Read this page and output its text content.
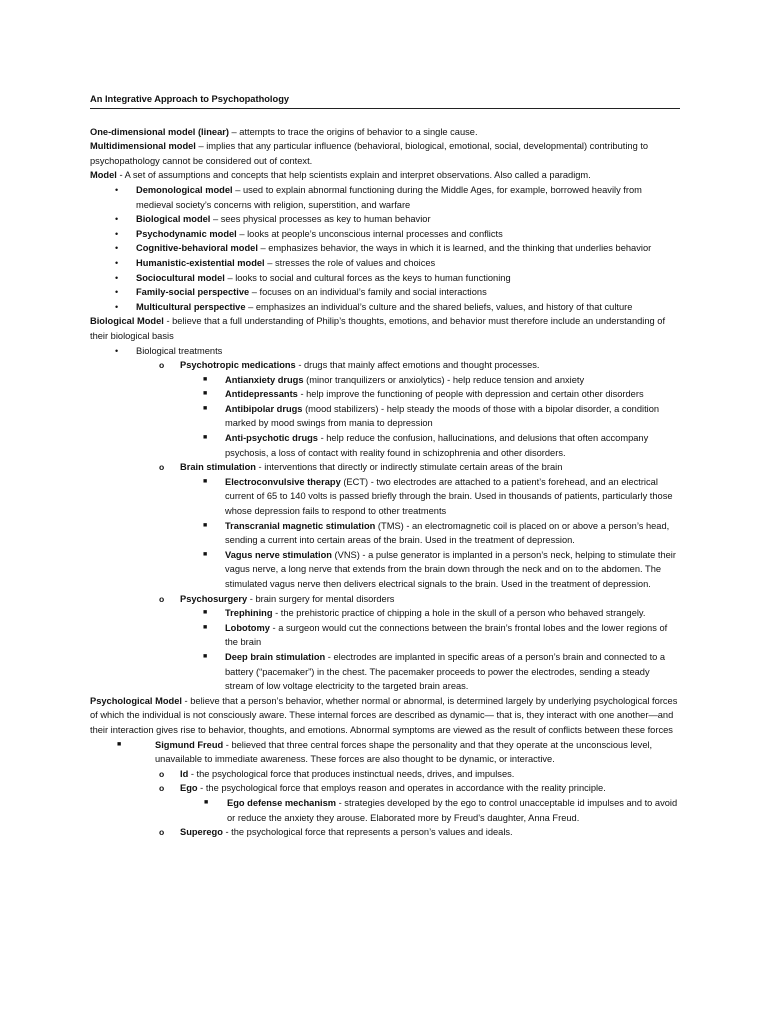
An Integrative Approach to Psychopathology
One-dimensional model (linear) – attempts to trace the origins of behavior to a single cause.
Multidimensional model – implies that any particular influence (behavioral, biological, emotional, social, developmental) contributing to psychopathology cannot be considered out of context.
Model - A set of assumptions and concepts that help scientists explain and interpret observations. Also called a paradigm.
• Demonological model – used to explain abnormal functioning during the Middle Ages, for example, borrowed heavily from medieval society’s concerns with religion, superstition, and warfare
• Biological model – sees physical processes as key to human behavior
• Psychodynamic model – looks at people’s unconscious internal processes and conflicts
• Cognitive-behavioral model – emphasizes behavior, the ways in which it is learned, and the thinking that underlies behavior
• Humanistic-existential model – stresses the role of values and choices
• Sociocultural model – looks to social and cultural forces as the keys to human functioning
• Family-social perspective – focuses on an individual’s family and social interactions
• Multicultural perspective – emphasizes an individual’s culture and the shared beliefs, values, and history of that culture
Biological Model - believe that a full understanding of Philip’s thoughts, emotions, and behavior must therefore include an understanding of their biological basis
• Biological treatments
o Psychotropic medications - drugs that mainly affect emotions and thought processes.
■ Antianxiety drugs (minor tranquilizers or anxiolytics) - help reduce tension and anxiety
■ Antidepressants - help improve the functioning of people with depression and certain other disorders
■ Antibipolar drugs (mood stabilizers) - help steady the moods of those with a bipolar disorder, a condition marked by mood swings from mania to depression
■ Anti-psychotic drugs - help reduce the confusion, hallucinations, and delusions that often accompany psychosis, a loss of contact with reality found in schizophrenia and other disorders.
o Brain stimulation - interventions that directly or indirectly stimulate certain areas of the brain
■ Electroconvulsive therapy (ECT) - two electrodes are attached to a patient’s forehead, and an electrical current of 65 to 140 volts is passed briefly through the brain. Used in thousands of patients, particularly those whose depression fails to respond to other treatments
■ Transcranial magnetic stimulation (TMS) - an electromagnetic coil is placed on or above a person’s head, sending a current into certain areas of the brain. Used in the treatment of depression.
■ Vagus nerve stimulation (VNS) - a pulse generator is implanted in a person’s neck, helping to stimulate their vagus nerve, a long nerve that extends from the brain down through the neck and on to the abdomen. The stimulated vagus nerve then delivers electrical signals to the brain. Used in the treatment of depression.
o Psychosurgery - brain surgery for mental disorders
■ Trephining - the prehistoric practice of chipping a hole in the skull of a person who behaved strangely.
■ Lobotomy - a surgeon would cut the connections between the brain’s frontal lobes and the lower regions of the brain
■ Deep brain stimulation - electrodes are implanted in specific areas of a person’s brain and connected to a battery (“pacemaker”) in the chest. The pacemaker proceeds to power the electrodes, sending a steady stream of low voltage electricity to the targeted brain areas.
Psychological Model - believe that a person’s behavior, whether normal or abnormal, is determined largely by underlying psychological forces of which the individual is not consciously aware. These internal forces are described as dynamic— that is, they interact with one another—and their interaction gives rise to behavior, thoughts, and emotions. Abnormal symptoms are viewed as the result of conflicts between these forces
■	Sigmund Freud - believed that three central forces shape the personality and that they operate at the unconscious level, unavailable to immediate awareness. These forces are also thought to be dynamic, or interactive.
o Id - the psychological force that produces instinctual needs, drives, and impulses.
o Ego - the psychological force that employs reason and operates in accordance with the reality principle.
■ Ego defense mechanism - strategies developed by the ego to control unacceptable id impulses and to avoid or reduce the anxiety they arouse. Elaborated more by Freud’s daughter, Anna Freud.
o Superego - the psychological force that represents a person’s values and ideals.
